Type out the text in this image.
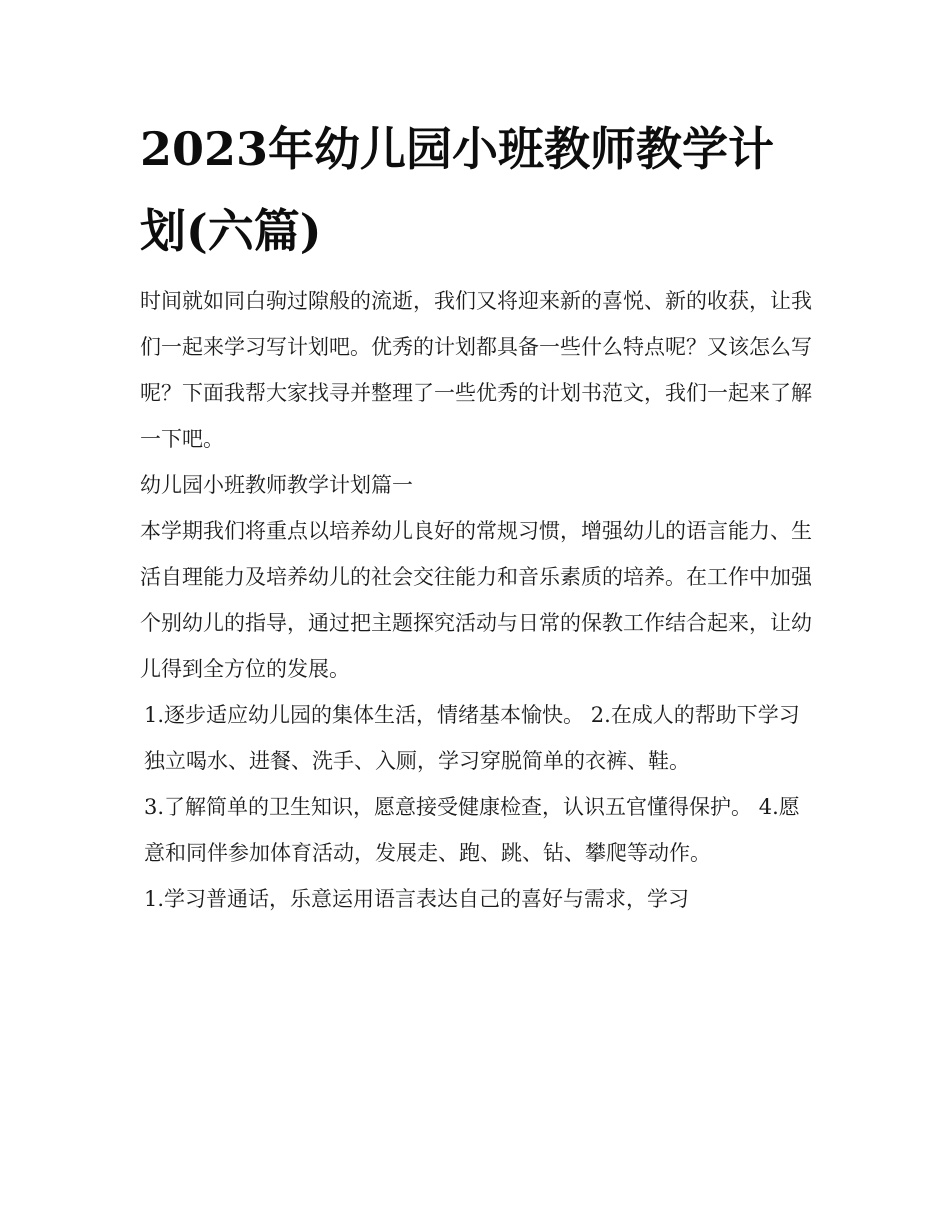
2023年幼儿园小班教师教学计划(六篇)

时间就如同白驹过隙般的流逝，我们又将迎来新的喜悦、新的收获，让我们一起来学习写计划吧。优秀的计划都具备一些什么特点呢？又该怎么写呢？下面我帮大家找寻并整理了一些优秀的计划书范文，我们一起来了解一下吧。

幼儿园小班教师教学计划篇一

本学期我们将重点以培养幼儿良好的常规习惯，增强幼儿的语言能力、生活自理能力及培养幼儿的社会交往能力和音乐素质的培养。在工作中加强个别幼儿的指导，通过把主题探究活动与日常的保教工作结合起来，让幼儿得到全方位的发展。

1.逐步适应幼儿园的集体生活，情绪基本愉快。 2.在成人的帮助下学习独立喝水、进餐、洗手、入厕，学习穿脱简单的衣裤、鞋。

3.了解简单的卫生知识，愿意接受健康检查，认识五官懂得保护。 4.愿意和同伴参加体育活动，发展走、跑、跳、钻、攀爬等动作。

1.学习普通话，乐意运用语言表达自己的喜好与需求，学习
